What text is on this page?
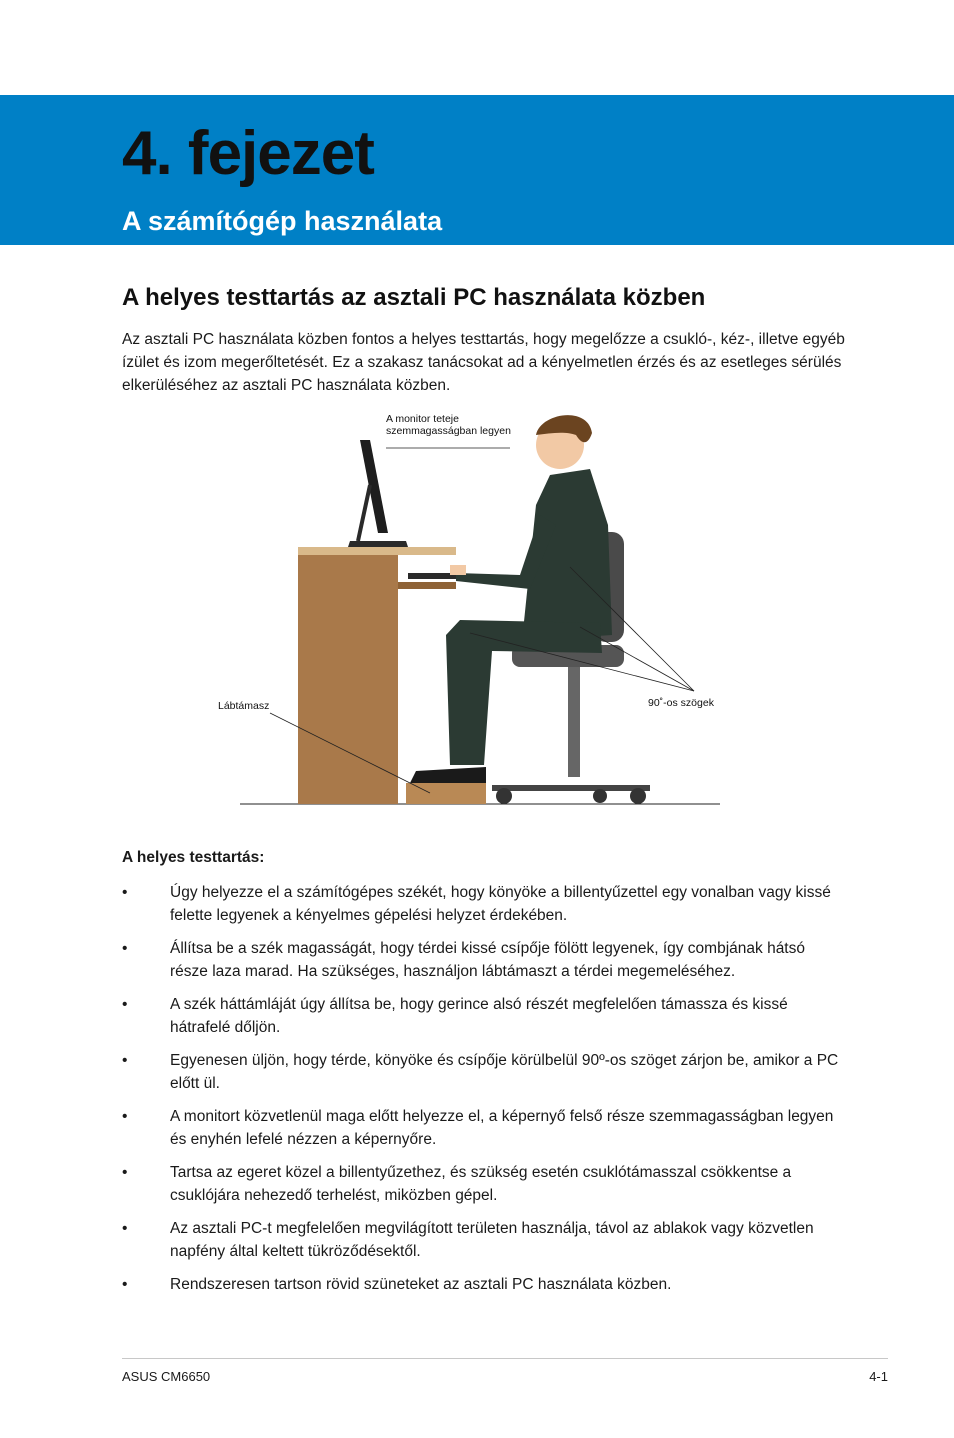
4. fejezet
A számítógép használata
A helyes testtartás az asztali PC használata közben

Az asztali PC használata közben fontos a helyes testtartás, hogy megelőzze a csukló-, kéz-, illetve egyéb ízület és izom megerőltetését. Ez a szakasz tanácsokat ad a kényelmetlen érzés és az esetleges sérülés elkerüléséhez az asztali PC használata közben.

A monitor teteje szemmagasságban legyen
Lábtámasz	90˚-os szögek

A helyes testtartás:

•	Úgy helyezze el a számítógépes székét, hogy könyöke a billentyűzettel egy vonalban vagy kissé felette legyenek a kényelmes gépelési helyzet érdekében.
•	Állítsa be a szék magasságát, hogy térdei kissé csípője fölött legyenek, így combjának hátsó része laza marad. Ha szükséges, használjon lábtámaszt a térdei megemeléséhez.
•	A szék háttámláját úgy állítsa be, hogy gerince alsó részét megfelelően támassza és kissé hátrafelé dőljön.
•	Egyenesen üljön, hogy térde, könyöke és csípője körülbelül 90º-os szöget zárjon be, amikor a PC előtt ül.
•	A monitort közvetlenül maga előtt helyezze el, a képernyő felső része szemmagasságban legyen és enyhén lefelé nézzen a képernyőre.
•	Tartsa az egeret közel a billentyűzethez, és szükség esetén csuklótámasszal csökkentse a csuklójára nehezedő terhelést, miközben gépel.
•	Az asztali PC-t megfelelően megvilágított területen használja, távol az ablakok vagy közvetlen napfény által keltett tükröződésektől.
•	Rendszeresen tartson rövid szüneteket az asztali PC használata közben.
ASUS CM6650	4-1
